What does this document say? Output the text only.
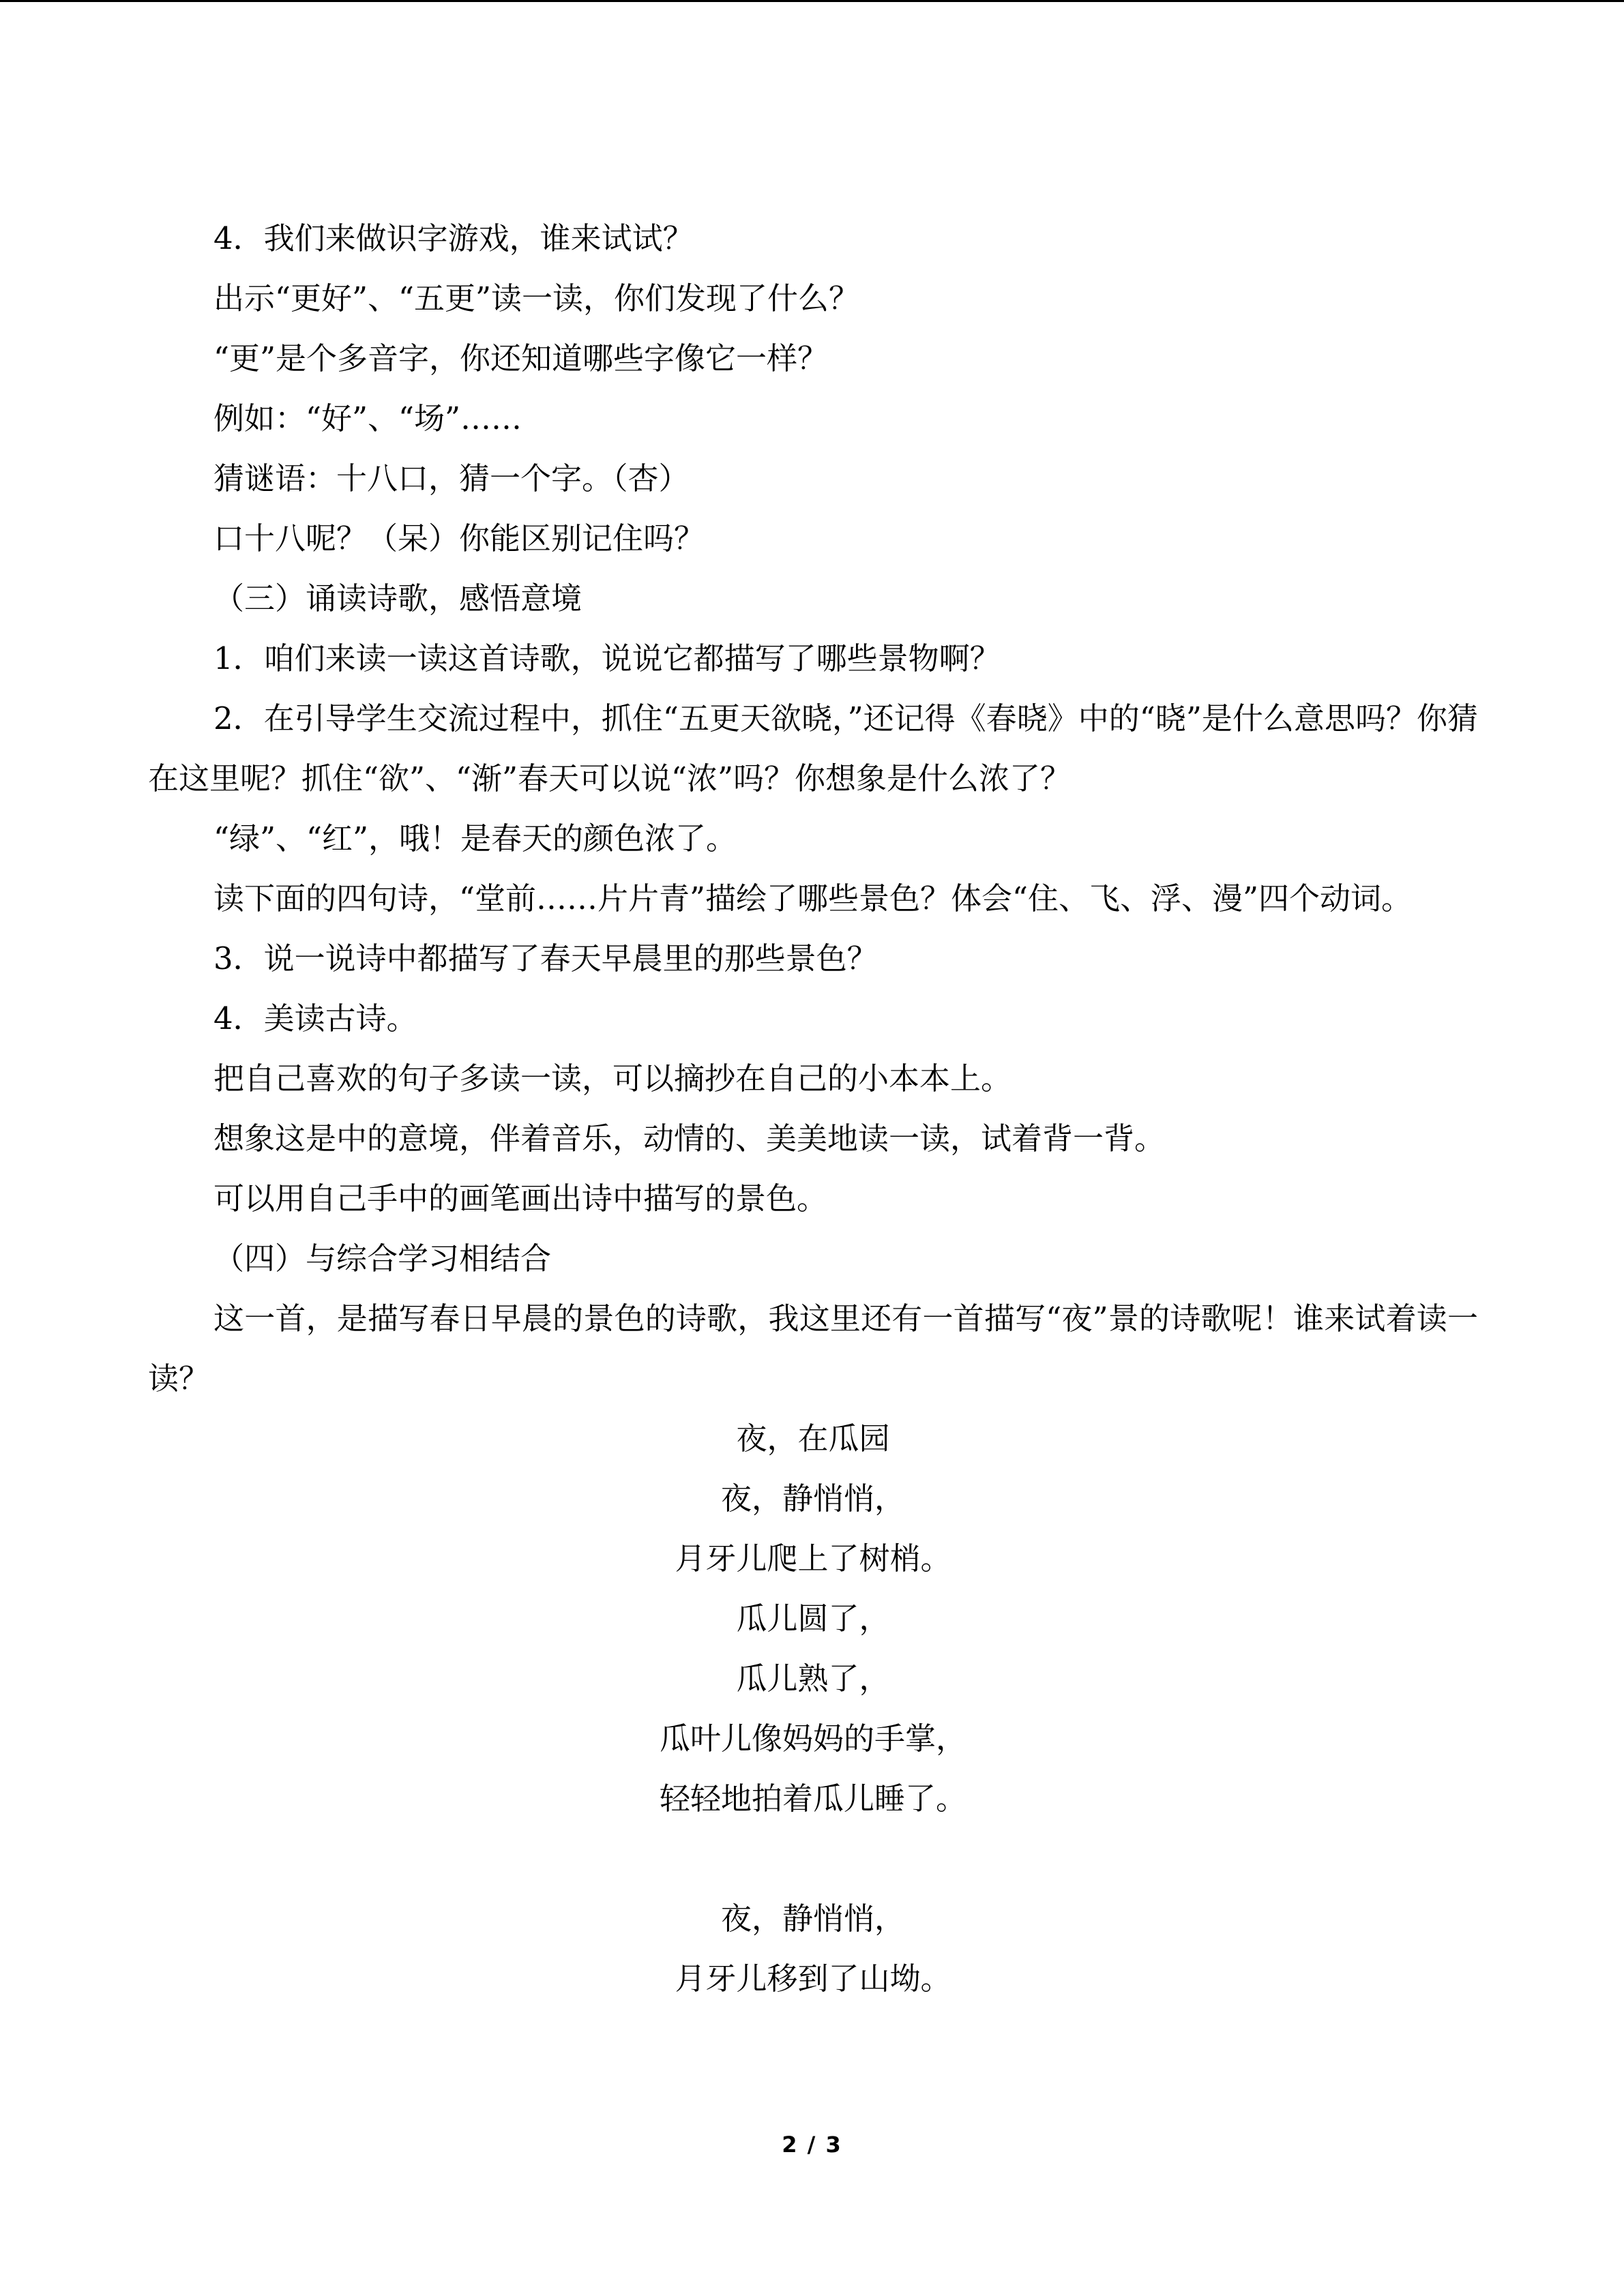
4．我们来做识字游戏，谁来试试？

出示“更好”、“五更”读一读，你们发现了什么？

“更”是个多音字，你还知道哪些字像它一样？

例如：“好”、“场”……

猜谜语：十八口，猜一个字。（杏）

口十八呢？（呆）你能区别记住吗？

（三）诵读诗歌，感悟意境

1．咱们来读一读这首诗歌，说说它都描写了哪些景物啊？

2．在引导学生交流过程中，抓住“五更天欲晓，”还记得《春晓》中的“晓”是什么意思吗？你猜在这里呢？抓住“欲”、“渐”春天可以说“浓”吗？你想象是什么浓了？

“绿”、“红”，哦！是春天的颜色浓了。

读下面的四句诗，“堂前……片片青”描绘了哪些景色？体会“住、飞、浮、漫”四个动词。

3．说一说诗中都描写了春天早晨里的那些景色？

4．美读古诗。

把自己喜欢的句子多读一读，可以摘抄在自己的小本本上。

想象这是中的意境，伴着音乐，动情的、美美地读一读，试着背一背。

可以用自己手中的画笔画出诗中描写的景色。

（四）与综合学习相结合

这一首，是描写春日早晨的景色的诗歌，我这里还有一首描写“夜”景的诗歌呢！谁来试着读一读？

夜，在瓜园

夜，静悄悄，

月牙儿爬上了树梢。

瓜儿圆了，

瓜儿熟了，

瓜叶儿像妈妈的手掌，

轻轻地拍着瓜儿睡了。

夜，静悄悄，

月牙儿移到了山坳。

2 / 3
